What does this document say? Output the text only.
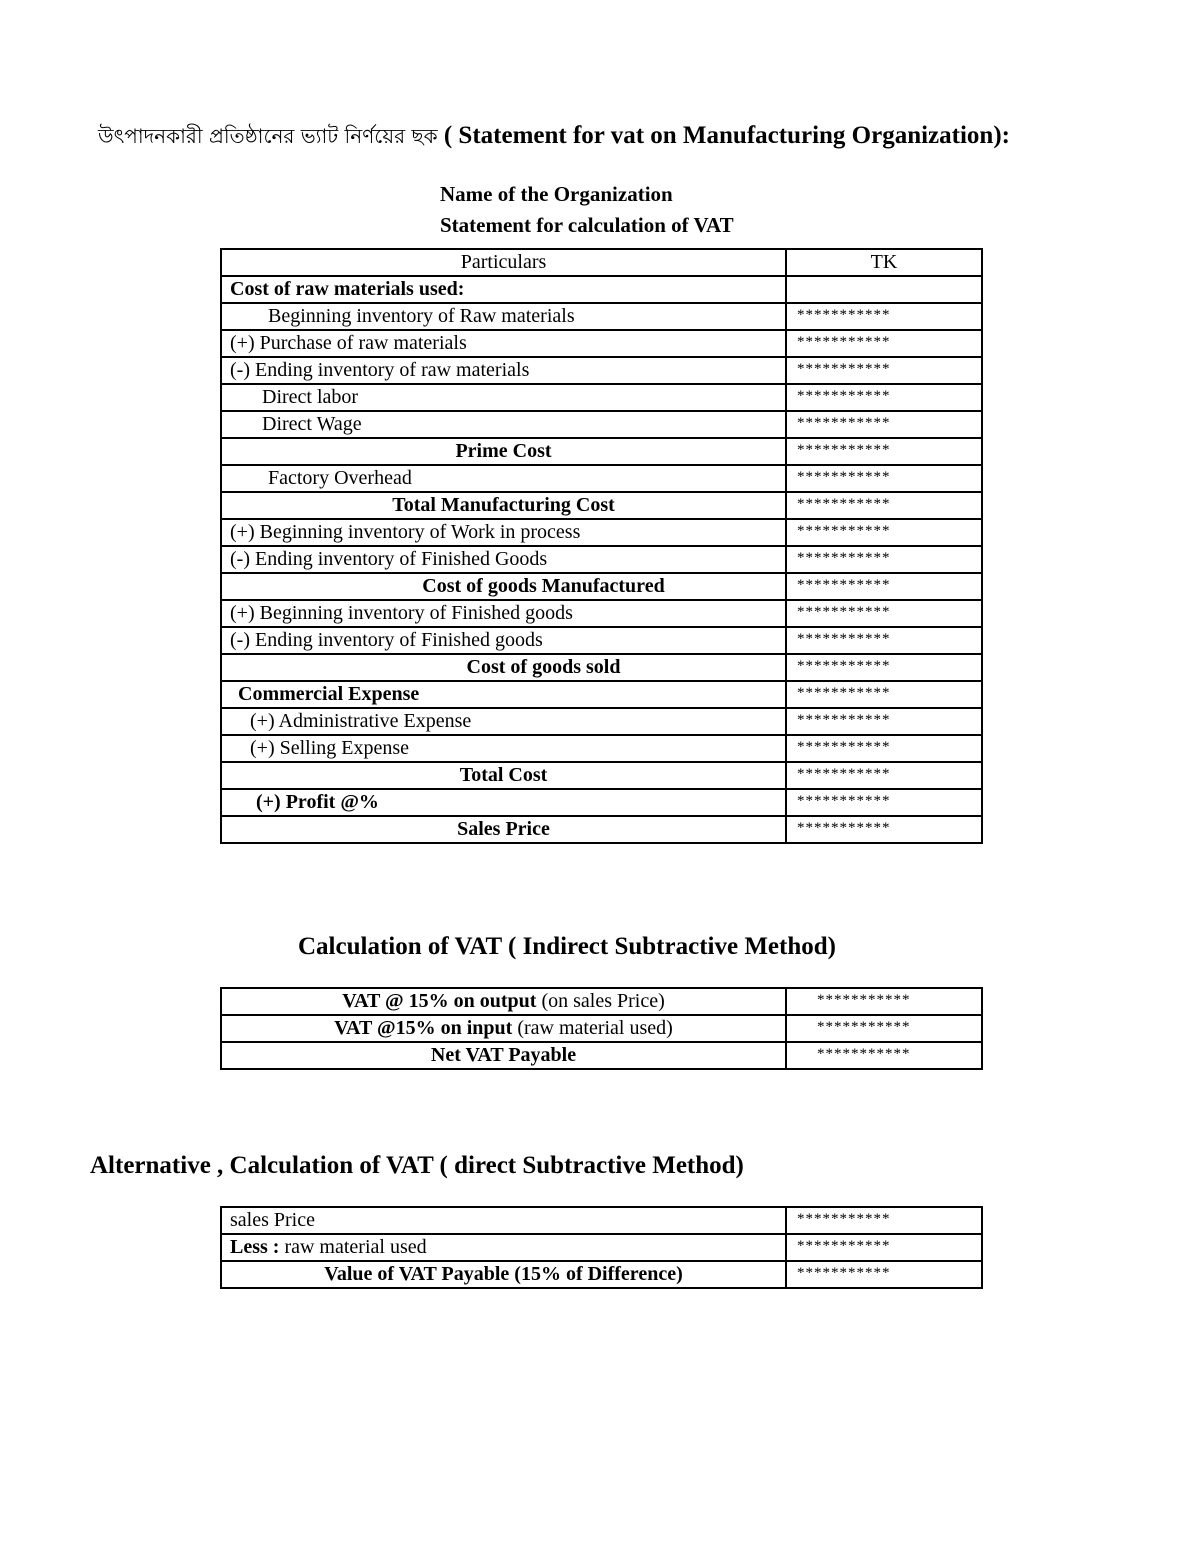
উৎপাদনকারী প্রতিষ্ঠানের ভ্যাট নির্ণয়ের ছক ( Statement for vat on Manufacturing Organization):
Name of the Organization
Statement for calculation of VAT
Particulars	TK
Cost of raw materials used:	
Beginning inventory of Raw materials	***********
(+) Purchase of raw materials	***********
(-) Ending inventory of raw materials	***********
Direct labor	***********
Direct Wage	***********
Prime Cost	***********
Factory Overhead	***********
Total Manufacturing Cost	***********
(+) Beginning inventory of Work in process	***********
(-) Ending inventory of Finished Goods	***********
Cost of goods Manufactured	***********
(+) Beginning inventory of Finished goods	***********
(-) Ending inventory of Finished goods	***********
Cost of goods sold	***********
Commercial Expense	***********
(+) Administrative Expense	***********
(+) Selling Expense	***********
Total Cost	***********
(+) Profit @%	***********
Sales Price	***********
Calculation of VAT ( Indirect Subtractive Method)
VAT @ 15% on output (on sales Price)	***********
VAT @15% on input (raw material used)	***********
Net VAT Payable	***********
Alternative , Calculation of VAT ( direct Subtractive Method)
sales Price	***********
Less : raw material used	***********
Value of VAT Payable (15% of Difference)	***********
